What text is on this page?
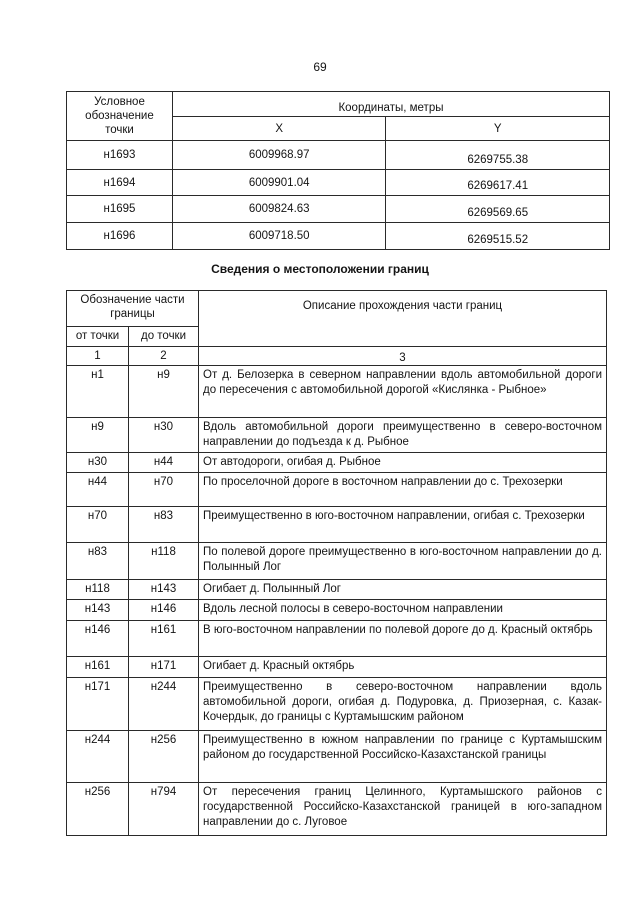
69
Условное обозначение точки	Координаты, метры	
	X	Y
н1693	6009968.97	6269755.38
н1694	6009901.04	6269617.41
н1695	6009824.63	6269569.65
н1696	6009718.50	6269515.52
Сведения о местоположении границ
Обозначение части границы		Описание прохождения части границ
от точки	до точки	
1	2	3
н1	н9	От д. Белозерка в северном направлении вдоль автомобильной дороги до пересечения с автомобильной дорогой «Кислянка - Рыбное»
н9	н30	Вдоль автомобильной дороги преимущественно в северо-восточном направлении до подъезда к д. Рыбное
н30	н44	От автодороги, огибая д. Рыбное
н44	н70	По проселочной дороге в восточном направлении до с. Трехозерки
н70	н83	Преимущественно в юго-восточном направлении, огибая с. Трехозерки
н83	н118	По полевой дороге преимущественно в юго-восточном направлении до д. Полынный Лог
н118	н143	Огибает д. Полынный Лог
н143	н146	Вдоль лесной полосы в северо-восточном направлении
н146	н161	В юго-восточном направлении по полевой дороге до д. Красный октябрь
н161	н171	Огибает д. Красный октябрь
н171	н244	Преимущественно в северо-восточном направлении вдоль автомобильной дороги, огибая д. Подуровка, д. Приозерная, с. Казак-Кочердык, до границы с Куртамышским районом
н244	н256	Преимущественно в южном направлении по границе с Куртамышским районом до государственной Российско-Казахстанской границы
н256	н794	От пересечения границ Целинного, Куртамышского районов с государственной Российско-Казахстанской границей в юго-западном направлении до с. Луговое
